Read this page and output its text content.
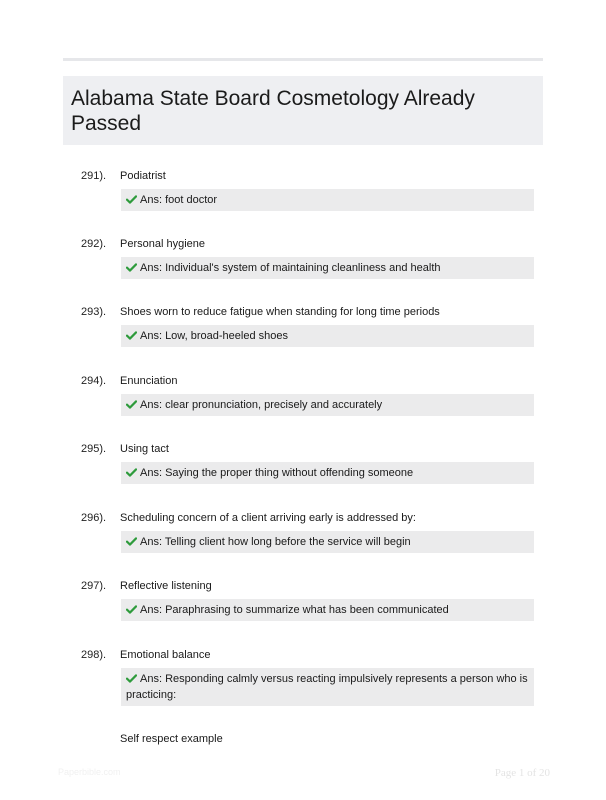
Alabama State Board Cosmetology Already
Passed
291). Podiatrist
Ans: foot doctor
292). Personal hygiene
Ans: Individual's system of maintaining cleanliness and health
293). Shoes worn to reduce fatigue when standing for long time periods
Ans: Low, broad-heeled shoes
294). Enunciation
Ans: clear pronunciation, precisely and accurately
295). Using tact
Ans: Saying the proper thing without offending someone
296). Scheduling concern of a client arriving early is addressed by:
Ans: Telling client how long before the service will begin
297). Reflective listening
Ans: Paraphrasing to summarize what has been communicated
298). Emotional balance
Ans: Responding calmly versus reacting impulsively represents a person who is practicing:
Self respect example
Paperbible.com	Page 1 of 20
